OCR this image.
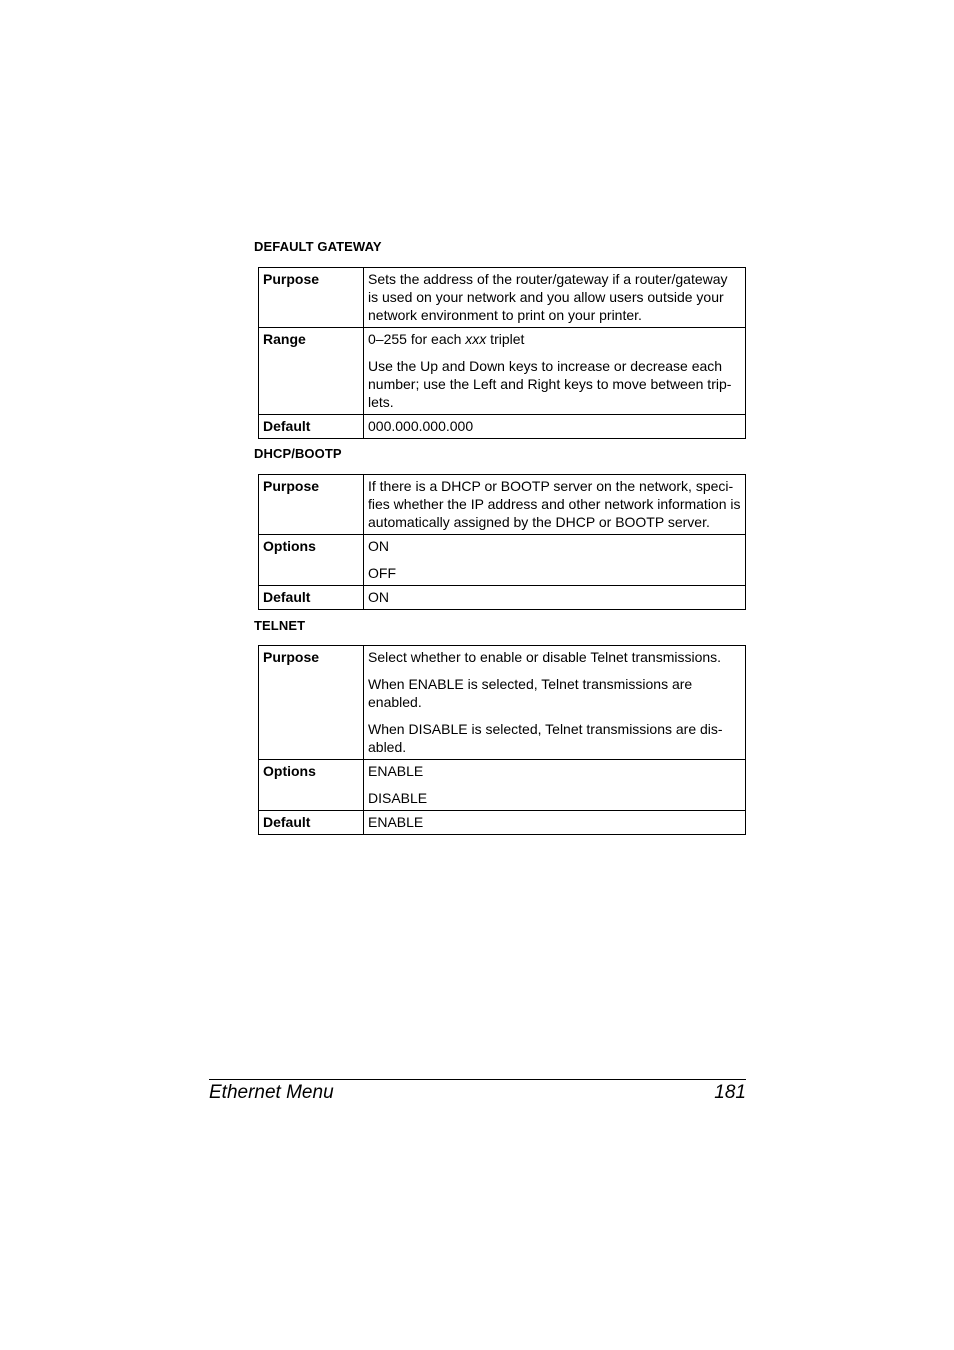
DEFAULT GATEWAY
Purpose	Sets the address of the router/gateway if a router/gateway is used on your network and you allow users outside your network environment to print on your printer.

Range	0–255 for each xxx triplet

Use the Up and Down keys to increase or decrease each number; use the Left and Right keys to move between trip-lets.

Default	000.000.000.000

DHCP/BOOTP
Purpose	If there is a DHCP or BOOTP server on the network, speci-fies whether the IP address and other network information is automatically assigned by the DHCP or BOOTP server.

Options	ON

OFF

Default	ON

TELNET
Purpose	Select whether to enable or disable Telnet transmissions.

When ENABLE is selected, Telnet transmissions are enabled.

When DISABLE is selected, Telnet transmissions are dis-abled.

Options	ENABLE

DISABLE

Default	ENABLE

Ethernet Menu	181
